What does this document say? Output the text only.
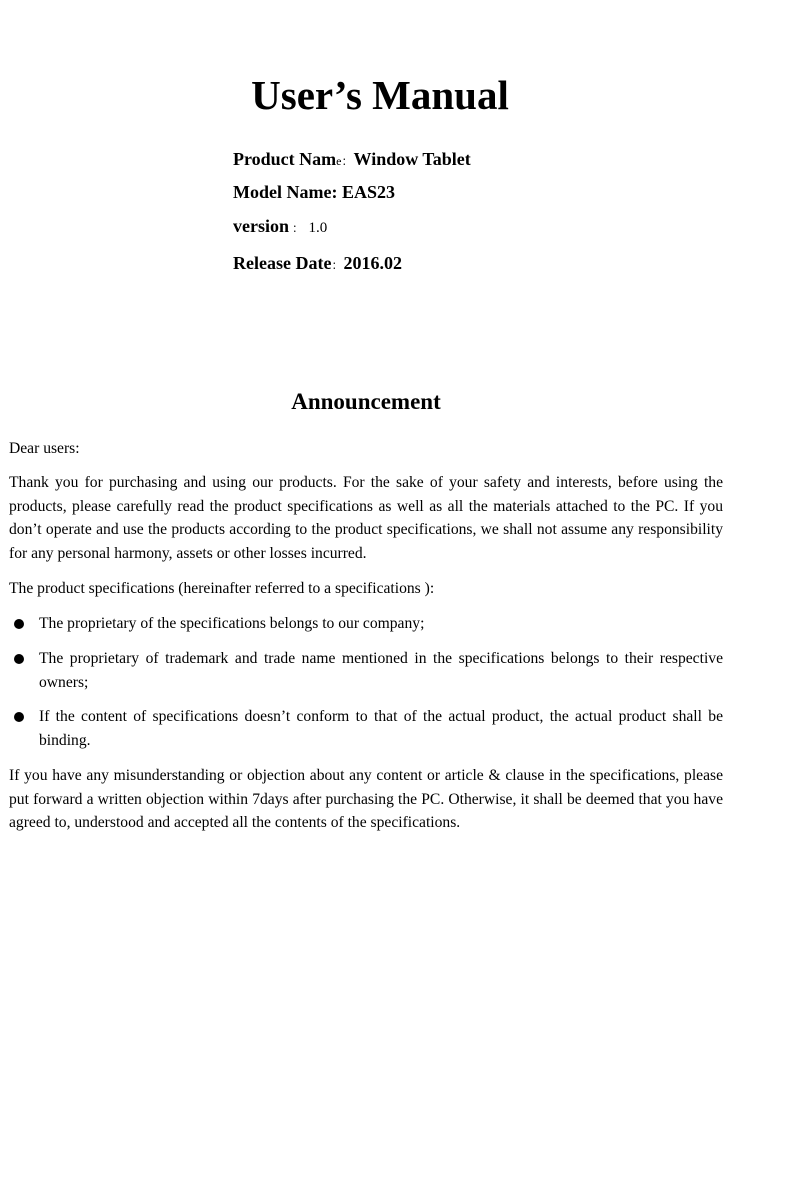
User’s Manual
Product Name：Window Tablet
Model Name: EAS23
version ： 1.0
Release Date：2016.02
Announcement

Dear users:

Thank you for purchasing and using our products. For the sake of your safety and interests, before using the products, please carefully read the product specifications as well as all the materials attached to the PC. If you don’t operate and use the products according to the product specifications, we shall not assume any responsibility for any personal harmony, assets or other losses incurred.

The product specifications (hereinafter referred to a specifications ):

The proprietary of the specifications belongs to our company;
The proprietary of trademark and trade name mentioned in the specifications belongs to their respective owners;
If the content of specifications doesn’t conform to that of the actual product, the actual product shall be binding.

If you have any misunderstanding or objection about any content or article & clause in the specifications, please put forward a written objection within 7days after purchasing the PC. Otherwise, it shall be deemed that you have agreed to, understood and accepted all the contents of the specifications.
